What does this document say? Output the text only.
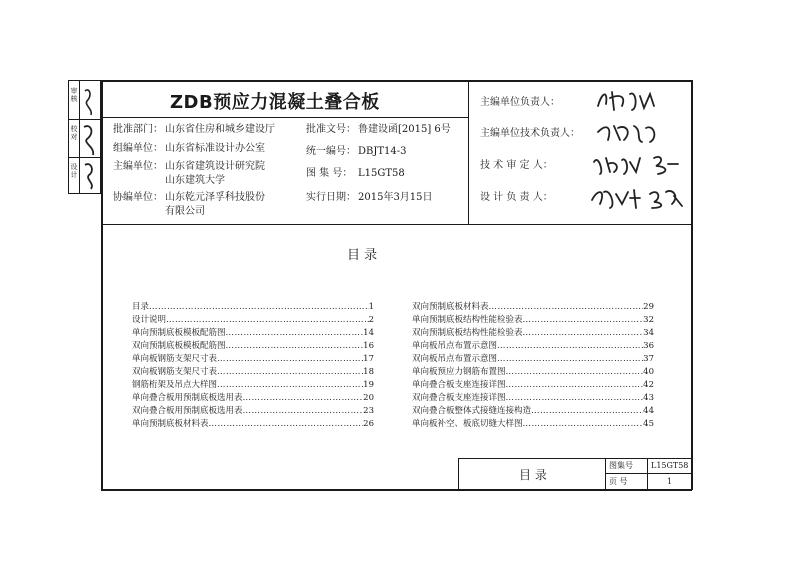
审核
校对
设计
ZDB预应力混凝土叠合板
批准部门： 山东省住房和城乡建设厅
组编单位： 山东省标准设计办公室
主编单位： 山东省建筑设计研究院
山东建筑大学
协编单位： 山东乾元泽孚科技股份
有限公司
批准文号： 鲁建设函[2015] 6号
统一编号： DBJT14-3
图 集 号： L15GT58
实行日期： 2015年3月15日
主编单位负责人：
主编单位技术负责人：
技 术 审 定 人：
设 计 负 责 人：
目 录
目录 ……………………………………………………………………………………………………………………………………………………	1
设计说明 ……………………………………………………………………………………………………………………………………………………	2
单向预制底板模板配筋图 ……………………………………………………………………………………………………………………………………………………	14
双向预制底板模板配筋图 ……………………………………………………………………………………………………………………………………………………	16
单向板钢筋支架尺寸表 ……………………………………………………………………………………………………………………………………………………	17
双向板钢筋支架尺寸表 ……………………………………………………………………………………………………………………………………………………	18
钢筋桁架及吊点大样图 ……………………………………………………………………………………………………………………………………………………	19
单向叠合板用预制底板选用表 ……………………………………………………………………………………………………………………………………………………	20
双向叠合板用预制底板选用表 ……………………………………………………………………………………………………………………………………………………	23
单向预制底板材料表 ……………………………………………………………………………………………………………………………………………………	26
双向预制底板材料表 ……………………………………………………………………………………………………………………………………………………	29
单向预制底板结构性能检验表 ……………………………………………………………………………………………………………………………………………………	32
双向预制底板结构性能检验表 ……………………………………………………………………………………………………………………………………………………	34
单向板吊点布置示意图 ……………………………………………………………………………………………………………………………………………………	36
双向板吊点布置示意图 ……………………………………………………………………………………………………………………………………………………	37
单向板预应力钢筋布置图 ……………………………………………………………………………………………………………………………………………………	40
单向叠合板支座连接详图 ……………………………………………………………………………………………………………………………………………………	42
双向叠合板支座连接详图 ……………………………………………………………………………………………………………………………………………………	43
双向叠合板整体式接缝连接构造 ……………………………………………………………………………………………………………………………………………………	44
单向板补空、板底切缝大样图 ……………………………………………………………………………………………………………………………………………………	45
目 录
图集号 L15GT58
页 号	1
